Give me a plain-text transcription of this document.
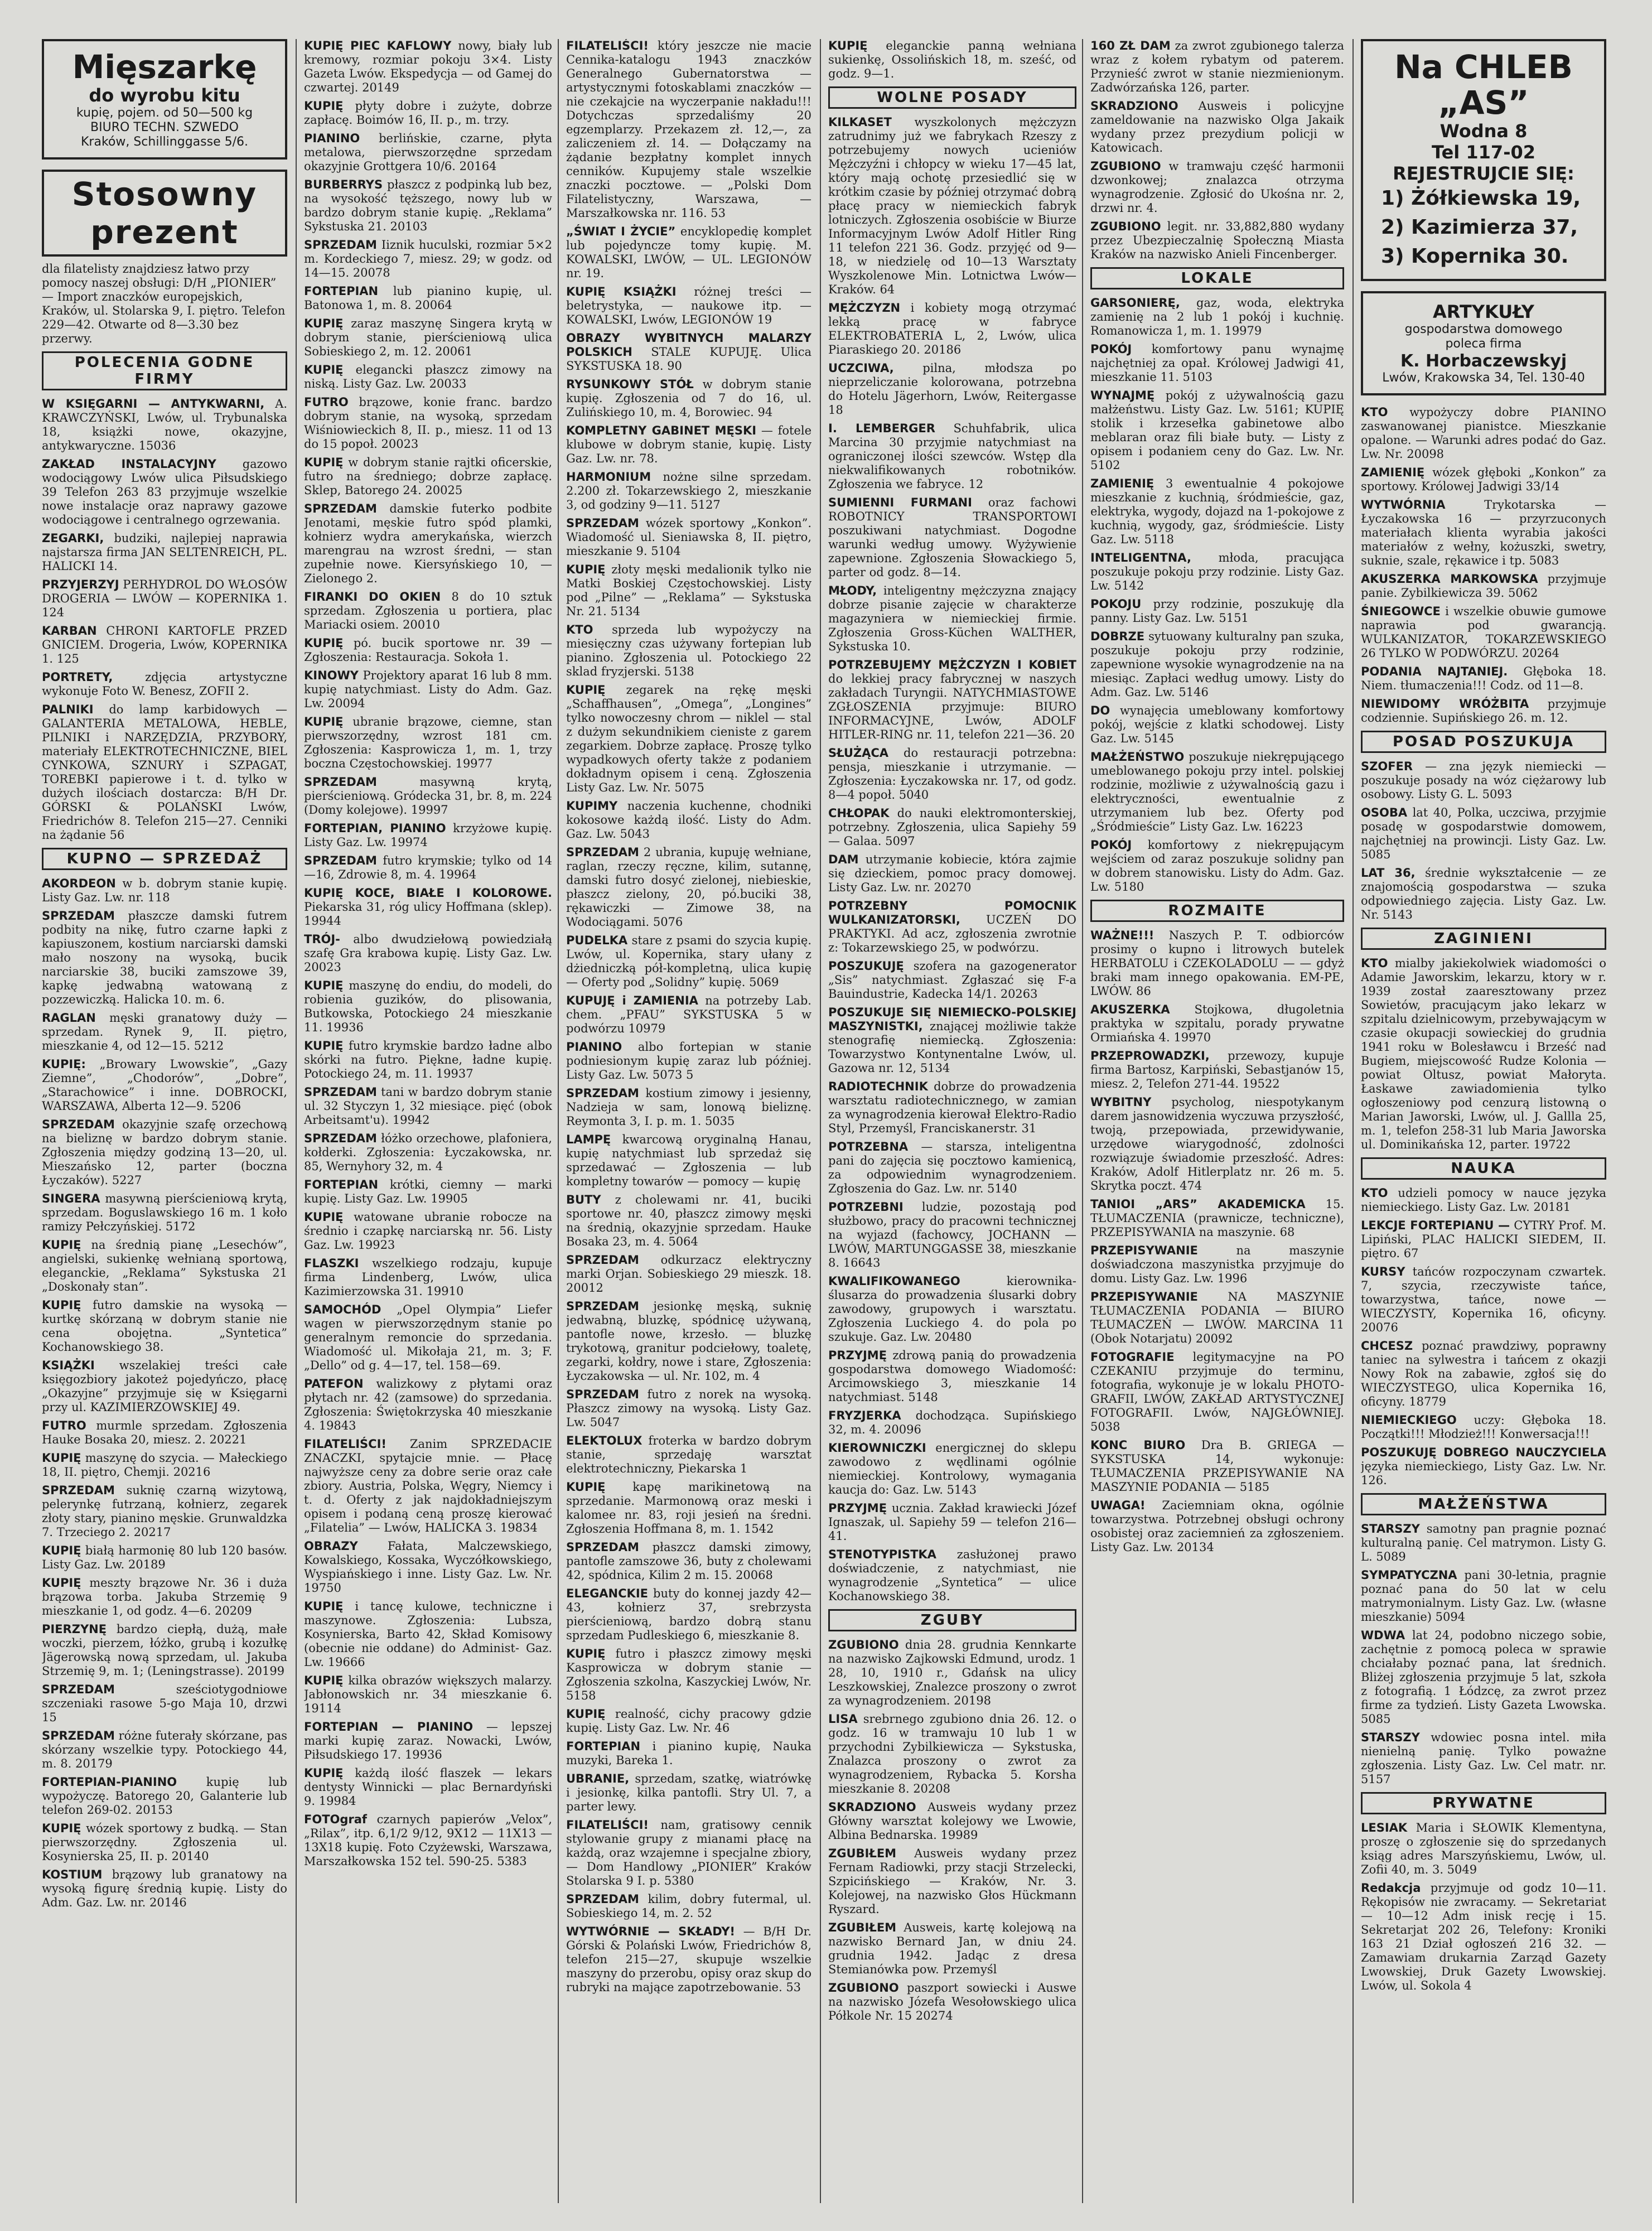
Mięszarkę
do wyrobu kitu
kupię, pojem. od 50—500 kg
BIURO TECHN. SZWEDO
Kraków, Schillinggasse 5/6.
Stosowny prezent
dla filatelisty znajdziesz łatwo przy pomocy naszej obsługi: D/H „PIONIER” — Import znaczków europejskich, Kraków, ul. Stolarska 9, I. piętro. Telefon 229—42. Otwarte od 8—3.30 bez przerwy.
POLECENIA GODNE FIRMY

W KSIĘGARNI — ANTYKWARNI, A. KRAWCZYŃSKI, Lwów, ul. Trybunalska 18, książki nowe, okazyjne, antykwaryczne. 15036

ZAKŁAD INSTALACYJNY gazowo wodociągowy Lwów ulica Piłsudskiego 39 Telefon 263 83 przyjmuje wszelkie nowe instalacje oraz naprawy gazowe wodociągowe i centralnego ogrzewania.

ZEGARKI, budziki, najlepiej naprawia najstarsza firma JAN SELTENREICH, PL. HALICKI 14.

PRZYJERZYJ PERHYDROL DO WŁOSÓW DROGERIA — LWÓW — KOPERNIKA 1. 124

KARBAN CHRONI KARTOFLE PRZED GNICIEM. Drogeria, Lwów, KOPERNIKA 1. 125

PORTRETY,	zdjęcia artystyczne wykonuje Foto W. Benesz, ZOFII 2.

PALNIKI do lamp karbidowych — GALANTERIA METALOWA, HEBLE, PILNIKI i NARZĘDZIA, PRZYBORY, materiały ELEKTROTECHNICZNE, BIEL CYNKOWA, SZNURY i SZPAGAT, TOREBKI papierowe i t. d. tylko w dużych ilościach dostarcza: B/H Dr. GÓRSKI & POLAŃSKI Lwów, Friedrichów 8. Telefon 215—27. Cenniki na żądanie 56

KUPNO — SPRZEDAŻ

AKORDEON w b. dobrym stanie kupię. Listy Gaz. Lw. nr. 118

SPRZEDAM płaszcze damski futrem podbity na nikę, futro czarne łapki z kapiuszonem, kostium narciarski damski mało noszony na wysoką, bucik narciarskie 38, buciki zamszowe 39, kapkę jedwabną watowaną z pozzewiczką. Halicka 10. m. 6.

RAGLAN męski granatowy duży — sprzedam. Rynek 9, II. piętro, mieszkanie 4, od 12—15. 5212

KUPIĘ: „Browary Lwowskie”, „Gazy Ziemne”, „Chodorów”, „Dobre”, „Starachowice” i inne. DOBROCKI, WARSZAWA, Alberta 12—9. 5206

SPRZEDAM okazyjnie szafę orzechową na bieliznę w bardzo dobrym stanie. Zgłoszenia między godziną 13—20, ul. Mieszańsko 12, parter (boczna Łyczaków). 5227

SINGERA masywną pierścieniową krytą, sprzedam. Boguslawskiego 16 m. 1 koło ramizy Pełczyńskiej. 5172

KUPIĘ na średnią pianę „Lesechów”, angielski, sukienkę wełnianą sportową, eleganckie, „Reklama” Sykstuska 21 „Doskonały stan”.

KUPIĘ futro damskie na wysoką — kurtkę skórzaną w dobrym stanie nie cena obojętna. „Syntetica” Kochanowskiego 38.

KSIĄŻKI wszelakiej treści całe księgozbiory jakoteż pojedyńczo, płacę „Okazyjne” przyjmuje się w Księgarni przy ul. KAZIMIERZOWSKIEJ 49.

FUTRO murmle sprzedam. Zgłoszenia Hauke Bosaka 20, miesz. 2. 20221

KUPIĘ maszynę do szycia. — Małeckiego 18, II. piętro, Chemji. 20216

SPRZEDAM suknię czarną wizytową, pelerynkę futrzaną, kołnierz, zegarek złoty stary, pianino męskie. Grunwaldzka 7. Trzeciego 2. 20217

KUPIĘ białą harmonię 80 lub 120 basów. Listy Gaz. Lw. 20189

KUPIĘ meszty brązowe Nr. 36 i duża brązowa torba. Jakuba Strzemię 9 mieszkanie 1, od godz. 4—6. 20209

PIERZYNĘ bardzo ciepłą, dużą, małe woczki, pierzem, łóżko, grubą i kozułkę Jägerowską nową sprzedam, ul. Jakuba Strzemię 9, m. 1; (Leningstrasse). 20199

SPRZEDAM	sześciotygodniowe szczeniaki rasowe 5-go Maja 10, drzwi 15

SPRZEDAM różne futerały skórzane, pas skórzany wszelkie typy. Potockiego 44, m. 8. 20179

FORTEPIAN-PIANINO	kupię lub wypożyczę. Batorego 20, Galanterie lub telefon 269-02. 20153

KUPIĘ wózek sportowy z budką. — Stan pierwszorzędny. Zgłoszenia ul. Kosynierska 25, II. p. 20140

KOSTIUM brązowy lub granatowy na wysoką figurę średnią kupię. Listy do Adm. Gaz. Lw. nr. 20146

KUPIĘ PIEC KAFLOWY nowy, biały lub kremowy, rozmiar pokoju 3×4. Listy Gazeta Lwów. Ekspedycja — od Gamej do czwartej. 20149

KUPIĘ płyty dobre i zużyte, dobrze zapłacę. Boimów 16, II. p., m. trzy.

PIANINO berlińskie, czarne, płyta metalowa, pierwszorzędne sprzedam okazyjnie Grottgera 10/6. 20164

BURBERRYS płaszcz z podpinką lub bez, na wysokość tęższego, nowy lub w bardzo dobrym stanie kupię. „Reklama” Sykstuska 21. 20103

SPRZEDAM Iiznik huculski, rozmiar 5×2 m. Kordeckiego 7, miesz. 29; w godz. od 14—15. 20078

FORTEPIAN lub pianino kupię, ul. Batonowa 1, m. 8. 20064

KUPIĘ zaraz maszynę Singera krytą w dobrym stanie, pierścieniową ulica Sobieskiego 2, m. 12. 20061

KUPIĘ elegancki płaszcz zimowy na niską. Listy Gaz. Lw. 20033

FUTRO brązowe, konie franc. bardzo dobrym stanie, na wysoką, sprzedam Wiśniowieckich 8, II. p., miesz. 11 od 13 do 15 popoł. 20023

KUPIĘ w dobrym stanie rajtki oficerskie, futro na średniego; dobrze zapłacę. Sklep, Batorego 24. 20025

SPRZEDAM damskie futerko podbite Jenotami, męskie futro spód plamki, kołnierz wydra amerykańska, wierzch marengrau na wzrost średni, — stan zupełnie nowe. Kiersyńskiego 10, — Zielonego 2.

FIRANKI DO OKIEN 8 do 10 sztuk sprzedam. Zgłoszenia u portiera, plac Mariacki osiem. 20010

KUPIĘ pó. bucik sportowe nr. 39 — Zgłoszenia: Restauracja. Sokoła 1.

KINOWY Projektory aparat 16 lub 8 mm. kupię natychmiast. Listy do Adm. Gaz. Lw. 20094

KUPIĘ ubranie brązowe, ciemne, stan pierwszorzędny, wzrost 181 cm. Zgłoszenia: Kasprowicza 1, m. 1, trzy boczna Częstochowskiej. 19977

SPRZEDAM	masywną krytą, pierścieniową. Gródecka 31, br. 8, m. 224 (Domy kolejowe). 19997

FORTEPIAN, PIANINO krzyżowe kupię. Listy Gaz. Lw. 19974

SPRZEDAM futro krymskie; tylko od 14—16, Zdrowie 8, m. 4. 19964

KUPIĘ KOCE, BIAŁE I KOLOROWE. Piekarska 31, róg ulicy Hoffmana (sklep). 19944

TRÓJ- albo dwudziełową powiedziałą szafę Gra krabowa kupię. Listy Gaz. Lw. 20023

KUPIĘ maszynę do endiu, do modeli, do robienia guzików, do plisowania, Butkowska, Potockiego 24 mieszkanie 11. 19936

KUPIĘ futro krymskie bardzo ładne albo skórki na futro. Piękne, ładne kupię. Potockiego 24, m. 11. 19937

SPRZEDAM tani w bardzo dobrym stanie ul. 32 Styczyn 1, 32 miesiące. pięć (obok Arbeitsamt'u). 19942

SPRZEDAM łóżko orzechowe, plafoniera, kołderki. Zgłoszenia: Łyczakowska, nr. 85, Wernyhory 32, m. 4

FORTEPIAN krótki, ciemny — marki kupię. Listy Gaz. Lw. 19905

KUPIĘ watowane ubranie robocze na średnio i czapkę narciarską nr. 56. Listy Gaz. Lw. 19923

FLASZKI wszelkiego rodzaju, kupuje firma Lindenberg, Lwów, ulica Kazimierzowska 31. 19910

SAMOCHÓD „Opel Olympia” Liefer wagen w pierwszorzędnym stanie po generalnym remoncie do sprzedania. Wiadomość ul. Mikołaja 21, m. 3; F. „Dello” od g. 4—17, tel. 158—69.

PATEFON walizkowy z płytami oraz płytach nr. 42 (zamsowe) do sprzedania. Zgłoszenia: Świętokrzyska 40 mieszkanie 4. 19843

FILATELIŚCI! Zanim SPRZEDACIE ZNACZKI, spytajcie mnie. — Płacę najwyższe ceny za dobre serie oraz całe zbiory. Austria, Polska, Węgry, Niemcy i t. d. Oferty z jak najdokładniejszym opisem i podaną ceną proszę kierować „Filatelia” — Lwów, HALICKA 3. 19834

OBRAZY	Fałata, Malczewskiego, Kowalskiego, Kossaka, Wyczółkowskiego, Wyspiańskiego i inne. Listy Gaz. Lw. Nr. 19750

KUPIĘ i tancę kulowe, techniczne i maszynowe. Zgłoszenia: Lubsza, Kosynierska, Barto 42, Skład Komisowy (obecnie nie oddane) do Administ- Gaz. Lw. 19666

KUPIĘ kilka obrazów większych malarzy. Jabłonowskich nr. 34 mieszkanie 6. 19114

FORTEPIAN — PIANINO — lepszej marki kupię zaraz. Nowacki, Lwów, Piłsudskiego 17. 19936

KUPIĘ każdą ilość flaszek — lekars dentysty Winnicki — plac Bernardyński 9. 19984

FOTOgraf czarnych papierów „Velox”, „Rilax”, itp. 6,1/2 9/12, 9X12 — 11X13 — 13X18 kupię. Foto Czyżewski, Warszawa, Marszałkowska 152 tel. 590-25. 5383

FILATELIŚCI! który jeszcze nie macie Cennika-katalogu 1943 znaczków Generalnego Gubernatorstwa — artystycznymi fotoskablami znaczków — nie czekajcie na wyczerpanie nakładu!!! Dotychczas sprzedaliśmy 20 egzemplarzy. Przekazem zł. 12,—, za zaliczeniem zł. 14. — Dołączamy na żądanie bezpłatny komplet innych cenników. Kupujemy stale wszelkie znaczki pocztowe. — „Polski Dom Filatelistyczny, Warszawa, — Marszałkowska nr. 116. 53

„ŚWIAT I ŻYCIE” encyklopedię komplet lub pojedyncze tomy kupię. M. KOWALSKI, LWÓW, — UL. LEGIONÓW nr. 19.

KUPIĘ KSIĄŻKI różnej treści — beletrystyka, — naukowe itp. — KOWALSKI, Lwów, LEGIONÓW 19

OBRAZY WYBITNYCH MALARZY POLSKICH STALE KUPUJĘ. Ulica SYKSTUSKA 18. 90

RYSUNKOWY STÓŁ w dobrym stanie kupię. Zgłoszenia od 7 do 16, ul. Zulińskiego 10, m. 4, Borowiec. 94

KOMPLETNY GABINET MĘSKI — fotele klubowe w dobrym stanie, kupię. Listy Gaz. Lw. nr. 78.

HARMONIUM nożne silne sprzedam. 2.200 zł. Tokarzewskiego 2, mieszkanie 3, od godziny 9—11. 5127

SPRZEDAM wózek sportowy „Konkon”. Wiadomość ul. Sieniawska 8, II. piętro, mieszkanie 9. 5104

KUPIĘ złoty męski medalionik tylko nie Matki Boskiej Częstochowskiej. Listy pod „Pilne” — „Reklama” — Sykstuska Nr. 21. 5134

KTO sprzeda lub wypożyczy na miesięczny czas używany fortepian lub pianino. Zgłoszenia ul. Potockiego 22 sklad fryzjerski. 5138

KUPIĘ zegarek na rękę męski „Schaffhausen”, „Omega”, „Longines” tylko nowoczesny chrom — niklel — stal z dużym sekundnikiem cieniste z garem zegarkiem. Dobrze zapłacę. Proszę tylko wypadkowych oferty także z podaniem dokładnym opisem i ceną. Zgłoszenia Listy Gaz. Lw. Nr. 5075

KUPIMY naczenia kuchenne, chodniki kokosowe każdą ilość. Listy do Adm. Gaz. Lw. 5043

SPRZEDAM 2 ubrania, kupuję wełniane, raglan, rzeczy ręczne, kilim, sutannę, damski futro dosyć zielonej, niebieskie, płaszcz zielony, 20, pó.buciki 38, rękawiczki — Zimowe 38, na Wodociągami. 5076

PUDELKA stare z psami do szycia kupię. Lwów, ul. Kopernika, stary ułany z dżiedniczką pół-kompletną, ulica kupię — Oferty pod „Solidny” kupię. 5069

KUPUJĘ i ZAMIENIA na potrzeby Lab. chem. „PFAU” SYKSTUSKA 5 w podwórzu 10979

PIANINO albo fortepian w stanie podniesionym kupię zaraz lub później. Listy Gaz. Lw. 5073 5

SPRZEDAM kostium zimowy i jesienny, Nadzieja w sam, lonową bieliznę. Reymonta 3, I. p. m. 1. 5035

LAMPĘ kwarcową oryginalną Hanau, kupię natychmiast lub sprzedaż się sprzedawać — Zgłoszenia — lub kompletny towarów — pomocy — kupię

BUTY z cholewami nr. 41, buciki sportowe nr. 40, płaszcz zimowy męski na średnią, okazyjnie sprzedam. Hauke Bosaka 23, m. 4. 5064

SPRZEDAM odkurzacz elektryczny marki Orjan. Sobieskiego 29 mieszk. 18. 20012

SPRZEDAM jesionkę męską, suknię jedwabną, bluzkę, spódnicę używaną, pantofle nowe, krzesło. — bluzkę trykotową, granitur podciełowy, toaletę, zegarki, kołdry, nowe i stare, Zgłoszenia: Łyczakowska — ul. Nr. 102, m. 4

SPRZEDAM futro z norek na wysoką. Płaszcz zimowy na wysoką. Listy Gaz. Lw. 5047

ELEKTOLUX froterka w bardzo dobrym stanie, sprzedaję warsztat elektrotechniczny, Piekarska 1

KUPIĘ kapę marikinetową na sprzedanie. Marmonową oraz meski i kalomee nr. 83, roji jesień na średni. Zgłoszenia Hoffmana 8, m. 1. 1542

SPRZEDAM płaszcz damski zimowy, pantofle zamszowe 36, buty z cholewami 42, spódnica, Kilim 2 m. 15. 20068

ELEGANCKIE buty do konnej jazdy 42—43, kołnierz 37, srebrzysta pierścieniową, bardzo dobrą stanu sprzedam Pudleskiego 6, mieszkanie 8.

KUPIĘ futro i płaszcz zimowy męski Kasprowicza w dobrym stanie — Zgłoszenia szkolna, Kaszyckiej Lwów, Nr. 5158

KUPIĘ realność, cichy pracowy gdzie kupię. Listy Gaz. Lw. Nr. 46

FORTEPIAN i pianino kupię, Nauka muzyki, Bareka 1.

UBRANIE, sprzedam, szatkę, wiatrówkę i jesionkę, kilka pantofli. Stry Ul. 7, a parter lewy.

FILATELIŚCI! nam, gratisowy cennik stylowanie grupy z mianami płacę na każdą, oraz wzajemne i specjalne zbiory, — Dom Handlowy „PIONIER” Kraków Stolarska 9 I. p. 5380

SPRZEDAM kilim, dobry futermal, ul. Sobieskiego 14, m. 2. 52

WYTWÓRNIE — SKŁADY! — B/H Dr. Górski & Polański Lwów, Friedrichów 8, telefon 215—27, skupuje wszelkie maszyny do przerobu, opisy oraz skup do rubryki na mające zapotrzebowanie. 53

KUPIĘ eleganckie panną wełniana sukienkę, Ossolińskich 18, m. sześć, od godz. 9—1.

WOLNE POSADY

KILKASET wyszkolonych mężczyzn zatrudnimy już we fabrykach Rzeszy z potrzebujemy nowych ucieniów Mężczyźni i chłopcy w wieku 17—45 lat, który mają ochotę przesiedlić się w krótkim czasie by później otrzymać dobrą płacę pracy w niemieckich fabryk lotniczych. Zgłoszenia osobiście w Biurze Informacyjnym Lwów Adolf Hitler Ring 11 telefon 221 36. Godz. przyjęć od 9—18, w niedzielę od 10—13 Warsztaty Wyszkolenowe Min. Lotnictwa Lwów— Kraków. 64

MĘŻCZYZN i kobiety mogą otrzymać lekką pracę w fabryce ELEKTROBATERIA L, 2, Lwów, ulica Piaraskiego 20. 20186

UCZCIWA, pilna, młodsza po nieprzeliczanie kolorowana, potrzebna do Hotelu Jägerhorn, Lwów, Reitergasse 18

I. LEMBERGER Schuhfabrik, ulica Marcina 30 przyjmie natychmiast na ograniczonej ilości szewców. Wstęp dla niekwalifikowanych robotników. Zgłoszenia we fabryce. 12

SUMIENNI FURMANI oraz fachowi ROBOTNICY TRANSPORTOWI poszukiwani natychmiast. Dogodne warunki według umowy. Wyżywienie zapewnione. Zgłoszenia Słowackiego 5, parter od godz. 8—14.

MŁODY, inteligentny mężczyzna znający dobrze pisanie zajęcie w charakterze magazyniera w niemieckiej firmie. Zgłoszenia Gross-Küchen WALTHER, Sykstuska 10.

POTRZEBUJEMY MĘŻCZYZN I KOBIET do lekkiej pracy fabrycznej w naszych zakładach Turyngii. NATYCHMIASTOWE ZGŁOSZENIA przyjmuje: BIURO INFORMACYJNE, Lwów, ADOLF HITLER-RING nr. 11, telefon 221—36. 20

SŁUŻĄCA do restauracji potrzebna: pensja, mieszkanie i utrzymanie. — Zgłoszenia: Łyczakowska nr. 17, od godz. 8—4 popoł. 5040

CHŁOPAK do nauki elektromonterskiej, potrzebny. Zgłoszenia, ulica Sapiehy 59 — Galaa. 5097

DAM utrzymanie kobiecie, która zajmie się dzieckiem, pomoc pracy domowej. Listy Gaz. Lw. nr. 20270

POTRZEBNY POMOCNIK WULKANIZATORSKI, UCZEŃ DO PRAKTYKI. Ad acz, zgłoszenia zwrotnie z: Tokarzewskiego 25, w podwórzu.

POSZUKUJĘ szofera na gazogenerator „Sis” natychmiast. Zgłaszać się F-a Bauindustrie, Kadecka 14/1. 20263

POSZUKUJE SIĘ NIEMIECKO-POLSKIEJ MASZYNISTKI, znającej możliwie także stenografię niemiecką. Zgłoszenia: Towarzystwo Kontynentalne Lwów, ul. Gazowa nr. 12, 5134

RADIOTECHNIK dobrze do prowadzenia warsztatu radiotechnicznego, w zamian za wynagrodzenia kierował Elektro-Radio Styl, Przemyśl, Franciskanerstr. 31

POTRZEBNA — starsza, inteligentna pani do zajęcia się pocztowo kamienicą, za odpowiednim wynagrodzeniem. Zgłoszenia do Gaz. Lw. nr. 5140

POTRZEBNI ludzie, pozostają pod służbowo, pracy do pracowni technicznej na wyjazd (fachowcy, JOCHANN — LWÓW, MARTUNGGASSE 38, mieszkanie 8. 16643

KWALIFIKOWANEGO	kierownika-ślusarza do prowadzenia ślusarki dobry zawodowy, grupowych i warsztatu. Zgłoszenia Luckiego 4. do pola po szukuje. Gaz. Lw. 20480

PRZYJMĘ zdrową panią do prowadzenia gospodarstwa domowego Wiadomość: Arcimowskiego 3, mieszkanie 14 natychmiast. 5148

FRYZJERKA dochodząca. Supińskiego 32, m. 4. 20096

KIEROWNICZKI energicznej do sklepu zawodowo z wędlinami ogólnie niemieckiej. Kontrolowy, wymagania kaucja do: Gaz. Lw. 5143

PRZYJMĘ ucznia. Zakład krawiecki Józef Ignaszak, ul. Sapiehy 59 — telefon 216—41.

STENOTYPISTKA zasłużonej prawo doświadczenie, z natychmiast, nie wynagrodzenie „Syntetica” — ulice Kochanowskiego 38.

ZGUBY

ZGUBIONO dnia 28. grudnia Kennkarte na nazwisko Zajkowski Edmund, urodz. 1 28, 10, 1910 r., Gdańsk na ulicy Leszkowskiej, Znalezce proszony o zwrot za wynagrodzeniem. 20198

LISA srebrnego zgubiono dnia 26. 12. o godz. 16 w tramwaju 10 lub 1 w przychodni Zybilkiewicza — Sykstuska, Znalazca proszony o zwrot za wynagrodzeniem, Rybacka 5. Korsha mieszkanie 8. 20208

SKRADZIONO Ausweis wydany przez Główny warsztat kolejowy we Lwowie, Albina Bednarska. 19989

ZGUBIŁEM Ausweis wydany przez Fernam Radiowki, przy stacji Strzelecki, Szpicińskiego — Kraków, Nr. 3. Kolejowej, na nazwisko Głos Hückmann Ryszard.

ZGUBIŁEM Ausweis, kartę kolejową na nazwisko Bernard Jan, w dniu 24. grudnia 1942. Jadąc z dresa Stemianówka pow. Przemyśl

ZGUBIONO paszport sowiecki i Auswe na nazwisko Józefa Wesołowskiego ulica Półkole Nr. 15 20274

160 ZŁ DAM za zwrot zgubionego talerza wraz z kołem rybatym od paterem. Przynieść zwrot w stanie niezmienionym. Zadwórzańska 126, parter.

SKRADZIONO Ausweis i policyjne zameldowanie na nazwisko Olga Jakaik wydany przez prezydium policji w Katowicach.

ZGUBIONO w tramwaju część harmonii dzwonkowej; znalazca otrzyma wynagrodzenie. Zgłosić do Ukośna nr. 2, drzwi nr. 4.

ZGUBIONO legit. nr. 33,882,880 wydany przez Ubezpieczalnię Społeczną Miasta Kraków na nazwisko Anieli Fincenberger.

LOKALE

GARSONIERĘ, gaz, woda, elektryka zamienię na 2 lub 1 pokój i kuchnię. Romanowicza 1, m. 1. 19979

POKÓJ komfortowy panu wynajmę najchętniej za opał. Królowej Jadwigi 41, mieszkanie 11. 5103

WYNAJMĘ pokój z używalnością gazu małżeństwu. Listy Gaz. Lw. 5161; KUPIĘ stolik i krzesełka gabinetowe albo meblaran oraz fili białe buty. — Listy z opisem i podaniem ceny do Gaz. Lw. Nr. 5102

ZAMIENIĘ 3 ewentualnie 4 pokojowe mieszkanie z kuchnią, śródmieście, gaz, elektryka, wygody, dojazd na 1-pokojowe z kuchnią, wygody, gaz, śródmieście. Listy Gaz. Lw. 5118

INTELIGENTNA, młoda, pracująca poszukuje pokoju przy rodzinie. Listy Gaz. Lw. 5142

POKOJU przy rodzinie, poszukuję dla panny. Listy Gaz. Lw. 5151

DOBRZE sytuowany kulturalny pan szuka, poszukuje pokoju przy rodzinie, zapewnione wysokie wynagrodzenie na na miesiąc. Zapłaci według umowy. Listy do Adm. Gaz. Lw. 5146

DO wynajęcia umeblowany komfortowy pokój, wejście z klatki schodowej. Listy Gaz. Lw. 5145

MAŁŻEŃSTWO poszukuje niekrępującego umeblowanego pokoju przy intel. polskiej rodzinie, możliwie z używalnością gazu i elektryczności, ewentualnie z utrzymaniem lub bez. Oferty pod „Śródmieście” Listy Gaz. Lw. 16223

POKÓJ komfortowy z niekrępującym wejściem od zaraz poszukuje solidny pan w dobrem stanowisku. Listy do Adm. Gaz. Lw. 5180

ROZMAITE

WAŻNE!!! Naszych P. T. odbiorców prosimy o kupno i litrowych butelek HERBATOLU i CZEKOLADOLU — — gdyż braki mam innego opakowania. EM-PE, LWÓW. 86

AKUSZERKA Stojkowa, długoletnia praktyka w szpitalu, porady prywatne Ormiańska 4. 19970

PRZEPROWADZKI, przewozy, kupuje firma Bartosz, Karpiński, Sebastjanów 15, miesz. 2, Telefon 271-44. 19522

WYBITNY psycholog, niespotykanym darem jasnowidzenia wyczuwa przyszłość, twoją, przepowiada, przewidywanie, urzędowe wiarygodność, zdolności rozwiązuje świadomie przeszłość. Adres: Kraków, Adolf Hitlerplatz nr. 26 m. 5. Skrytka poczt. 474

TANIOI „ARS” AKADEMICKA 15. TŁUMACZENIA (prawnicze, techniczne), PRZEPISYWANIA na maszynie. 68

PRZEPISYWANIE	na maszynie doświadczona maszynistka przyjmuje do domu. Listy Gaz. Lw. 1996

PRZEPISYWANIE	NA MASZYNIE TŁUMACZENIA PODANIA — BIURO TŁUMACZEŃ — LWÓW. MARCINA 11 (Obok Notarjatu) 20092

FOTOGRAFIE legitymacyjne na PO CZEKANIU przyjmuje do terminu, fotografia, wykonuje je w lokalu PHOTO-GRAFII, LWÓW, ZAKŁAD ARTYSTYCZNEJ FOTOGRAFII. Lwów, NAJGŁÓWNIEJ. 5038

KONC BIURO Dra B. GRIEGA — SYKSTUSKA 14, wykonuje: TŁUMACZENIA PRZEPISYWANIE NA MASZYNIE PODANIA — 5185

UWAGA! Zaciemniam okna, ogólnie towarzystwa. Potrzebnej obsługi ochrony osobistej oraz zaciemnień za zgłoszeniem. Listy Gaz. Lw. 20134

Na CHLEB
„AS”
Wodna 8
Tel 117-02
REJESTRUJCIE SIĘ:
1) Żółkiewska 19,
2) Kazimierza 37,
3) Kopernika 30.
ARTYKUŁY
gospodarstwa domowego
poleca firma
K. Horbaczewskyj
Lwów, Krakowska 34, Tel. 130-40

KTO wypożyczy dobre PIANINO zaswanowanej pianistce. Mieszkanie opalone. — Warunki adres podać do Gaz. Lw. Nr. 20098

ZAMIENIĘ wózek głęboki „Konkon” za sportowy. Królowej Jadwigi 33/14

WYTWÓRNIA	Trykotarska — Łyczakowska 16 — przyrzuconych materiałach klienta wyrabia jakości materiałów z wełny, kożuszki, swetry, suknie, szale, rękawice i tp. 5083

AKUSZERKA MARKOWSKA przyjmuje panie. Zybilkiewicza 39. 5062

ŚNIEGOWCE i wszelkie obuwie gumowe naprawia pod gwarancją. WULKANIZATOR, TOKARZEWSKIEGO 26 TYLKO W PODWÓRZU. 20264

PODANIA NAJTANIEJ. Głęboka 18. Niem. tłumaczenia!!! Codz. od 11—8.

NIEWIDOMY WRÓŻBITA przyjmuje codziennie. Supińskiego 26. m. 12.

POSAD POSZUKUJA

SZOFER — zna język niemiecki — poszukuje posady na wóz ciężarowy lub osobowy. Listy G. L. 5093

OSOBA lat 40, Polka, uczciwa, przyjmie posadę w gospodarstwie domowem, najchętniej na prowincji. Listy Gaz. Lw. 5085

LAT 36, średnie wykształcenie — ze znajomością gospodarstwa — szuka odpowiedniego zajęcia. Listy Gaz. Lw. Nr. 5143

ZAGINIENI

KTO mialby jakiekolwiek wiadomości o Adamie Jaworskim, lekarzu, ktory w r. 1939 został zaaresztowany przez Sowietów, pracującym jako lekarz w szpitalu dzielnicowym, przebywającym w czasie okupacji sowieckiej do grudnia 1941 roku w Bolesławcu i Brześć nad Bugiem, miejscowość Rudze Kolonia — powiat Oltusz, powiat Małoryta. Łaskawe zawiadomienia tylko ogłoszeniowy pod cenzurą listowną o Marian Jaworski, Lwów, ul. J. Gallla 25, m. 1, telefon 258-31 lub Maria Jaworska ul. Dominikańska 12, parter. 19722

NAUKA

KTO udzieli pomocy w nauce języka niemieckiego. Listy Gaz. Lw. 20181

LEKCJE FORTEPIANU — CYTRY Prof. M. Lipiński, PLAC HALICKI SIEDEM, II. piętro. 67

KURSY tańców rozpoczynam czwartek. 7, szycia, rzeczywiste tańce, towarzystwa, tańce, nowe — WIECZYSTY, Kopernika 16, oficyny. 20076

CHCESZ poznać prawdziwy, poprawny taniec na sylwestra i tańcem z okazji Nowy Rok na zabawie, zgłoś się do WIECZYSTEGO, ulica Kopernika 16, oficyny. 18779

NIEMIECKIEGO uczy: Głęboka 18. Początki!!! Młodzież!!! Konwersacja!!!

POSZUKUJĘ DOBREGO NAUCZYCIELA języka niemieckiego, Listy Gaz. Lw. Nr. 126.

MAŁŻEŃSTWA

STARSZY samotny pan pragnie poznać kulturalną panię. Cel matrymon. Listy G. L. 5089

SYMPATYCZNA pani 30-letnia, pragnie poznać pana do 50 lat w celu matrymonialnym. Listy Gaz. Lw. (własne mieszkanie) 5094

WDWA lat 24, podobno niczego sobie, zachętnie z pomocą poleca w sprawie chciałaby poznać pana, lat średnich. Bliżej zgłoszenia przyjmuje 5 lat, szkoła z fotografią. 1 Łódzcę, za zwrot przez firme za tydzień. Listy Gazeta Lwowska. 5085

STARSZY wdowiec posna intel. miła nienielną panię. Tylko poważne zgłoszenia. Listy Gaz. Lw. Cel matr. nr. 5157

PRYWATNE

LESIAK Maria i SŁOWIK Klementyna, proszę o zgłoszenie się do sprzedanych ksiąg adres Marszyńskiemu, Lwów, ul. Zofii 40, m. 3. 5049

Redakcja przyjmuje od godz 10—11. Rękopisów nie zwracamy. — Sekretariat — 10—12 Adm inisk recję i 15. Sekretarjat 202 26, Telefony: Kroniki 163 21 Dział ogłoszeń 216 32. — Zamawiam drukarnia Zarząd Gazety Lwowskiej, Druk Gazety Lwowskiej. Lwów, ul. Sokola 4
